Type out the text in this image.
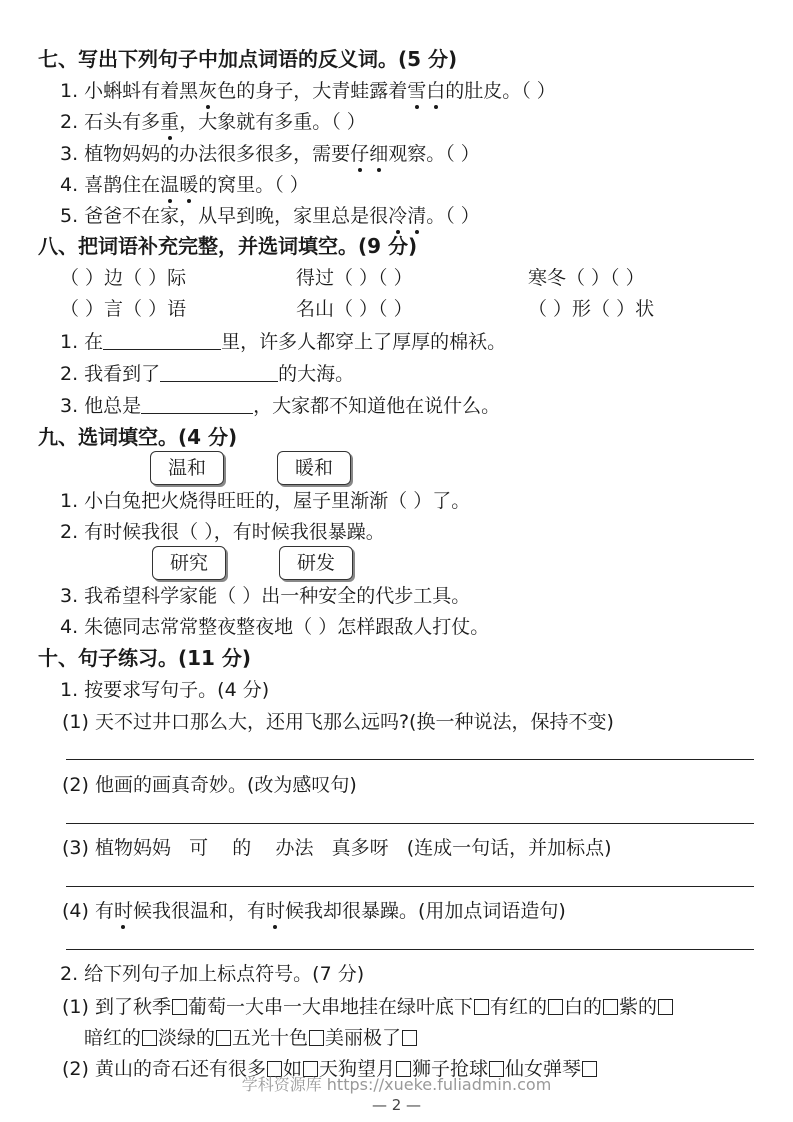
七、写出下列句子中加点词语的反义词。(5 分)
1. 小蝌蚪有着黑灰色的身子，大青蛙露着雪白的肚皮。（ ）
2. 石头有多重，大象就有多重。（ ）
3. 植物妈妈的办法很多很多，需要仔细观察。（ ）
4. 喜鹊住在温暖的窝里。（ ）
5. 爸爸不在家，从早到晚，家里总是很冷清。（ ）
八、把词语补充完整，并选词填空。(9 分)
（ ）边（ ）际	得过（ ）（ ）	寒冬（ ）（ ）
（ ）言（ ）语	名山（ ）（ ）	（ ）形（ ）状
1. 在	里，许多人都穿上了厚厚的棉袄。
2. 我看到了	的大海。
3. 他总是	，大家都不知道他在说什么。
九、选词填空。(4 分)
温和	暖和
1. 小白兔把火烧得旺旺的，屋子里渐渐（ ）了。
2. 有时候我很（ ），有时候我很暴躁。
研究	研发
3. 我希望科学家能（ ）出一种安全的代步工具。
4. 朱德同志常常整夜整夜地（ ）怎样跟敌人打仗。
十、句子练习。(11 分)
1. 按要求写句子。(4 分)
(1) 天不过井口那么大，还用飞那么远吗?(换一种说法，保持不变)
(2) 他画的画真奇妙。(改为感叹句)
(3) 植物妈妈 可 的 办法 真多呀 (连成一句话，并加标点)
(4) 有时候我很温和，有时候我却很暴躁。(用加点词语造句)
2. 给下列句子加上标点符号。(7 分)
(1) 到了秋季 葡萄一大串一大串地挂在绿叶底下 有红的 白的 紫的
暗红的 淡绿的 五光十色 美丽极了
(2) 黄山的奇石还有很多 如 天狗望月 狮子抢球 仙女弹琴
学科资源库 https://xueke.fuliadmin.com
— 2 —
